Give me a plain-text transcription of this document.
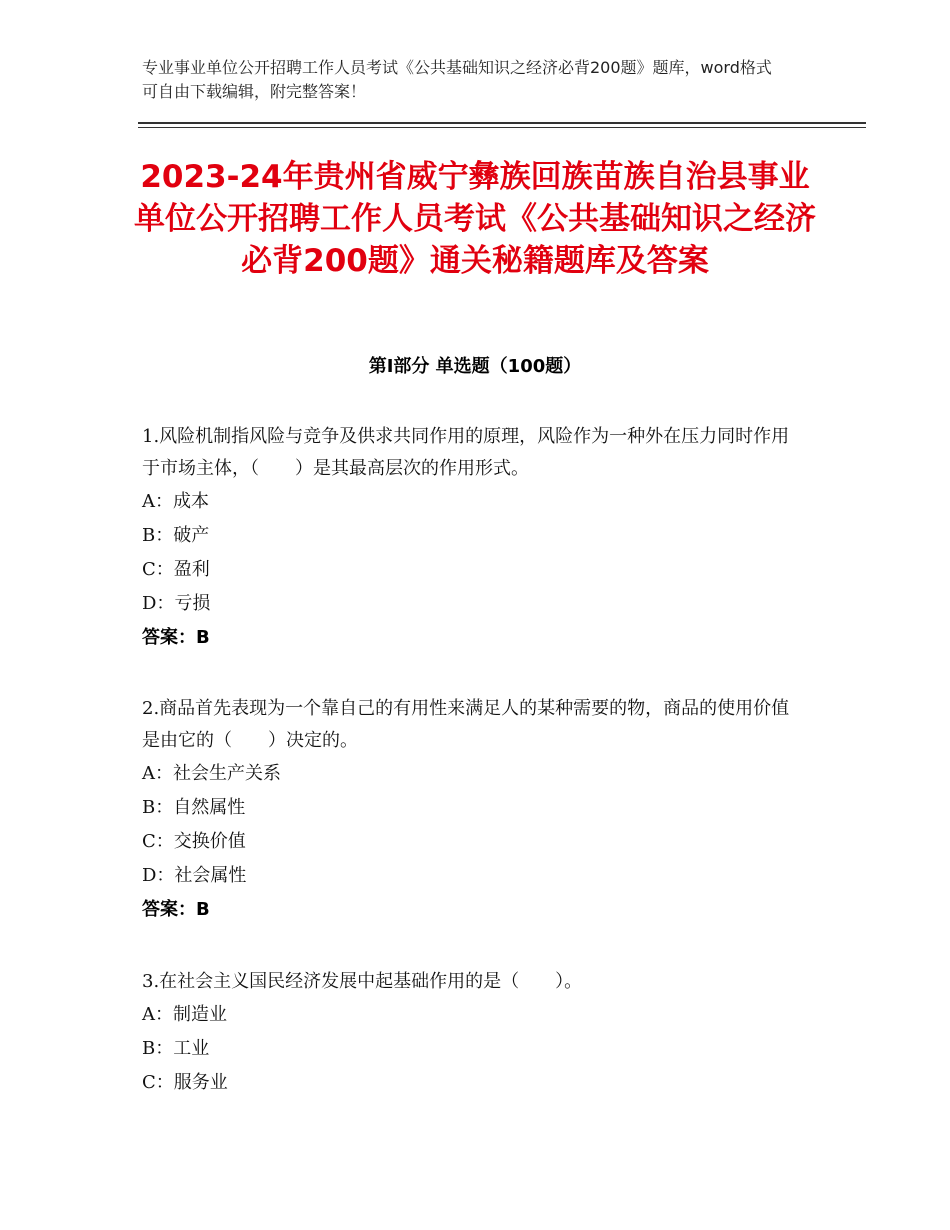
专业事业单位公开招聘工作人员考试《公共基础知识之经济必背200题》题库，word格式可自由下载编辑，附完整答案！
2023-24年贵州省威宁彝族回族苗族自治县事业单位公开招聘工作人员考试《公共基础知识之经济必背200题》通关秘籍题库及答案
第Ⅰ部分 单选题（100题）
1.风险机制指风险与竞争及供求共同作用的原理，风险作为一种外在压力同时作用于市场主体，（　　）是其最高层次的作用形式。
A：成本
B：破产
C：盈利
D：亏损
答案：B
2.商品首先表现为一个靠自己的有用性来满足人的某种需要的物，商品的使用价值是由它的（　　）决定的。
A：社会生产关系
B：自然属性
C：交换价值
D：社会属性
答案：B
3.在社会主义国民经济发展中起基础作用的是（　　）。
A：制造业
B：工业
C：服务业
